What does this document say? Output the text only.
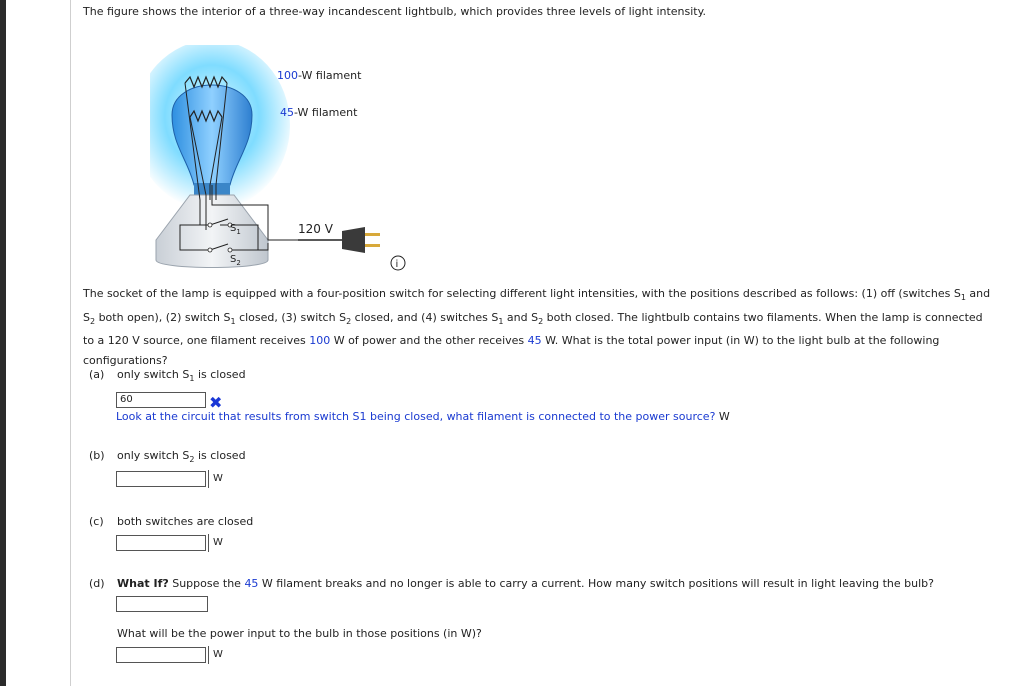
The figure shows the interior of a three-way incandescent lightbulb, which provides three levels of light intensity.
$S_1$
$S_2$
120 V
100-W filament
45-W filament
i
The socket of the lamp is equipped with a four-position switch for selecting different light intensities, with the positions described as follows: (1) off (switches $S_1$ and $S_2$ both open), (2) switch $S_1$ closed, (3) switch $S_2$ closed, and (4) switches $S_1$ and $S_2$ both closed. The lightbulb contains two filaments. When the lamp is connected to a 120 V source, one filament receives 100 W of power and the other receives 45 W. What is the total power input (in W) to the light bulb at the following configurations?
(a) only switch $S_1$ is closed
60	✖
Look at the circuit that results from switch S1 being closed, what filament is connected to the power source? W
(b) only switch $S_2$ is closed
W
(c) both switches are closed
W
(d) What If? Suppose the 45 W filament breaks and no longer is able to carry a current. How many switch positions will result in light leaving the bulb?
What will be the power input to the bulb in those positions (in W)?
W
